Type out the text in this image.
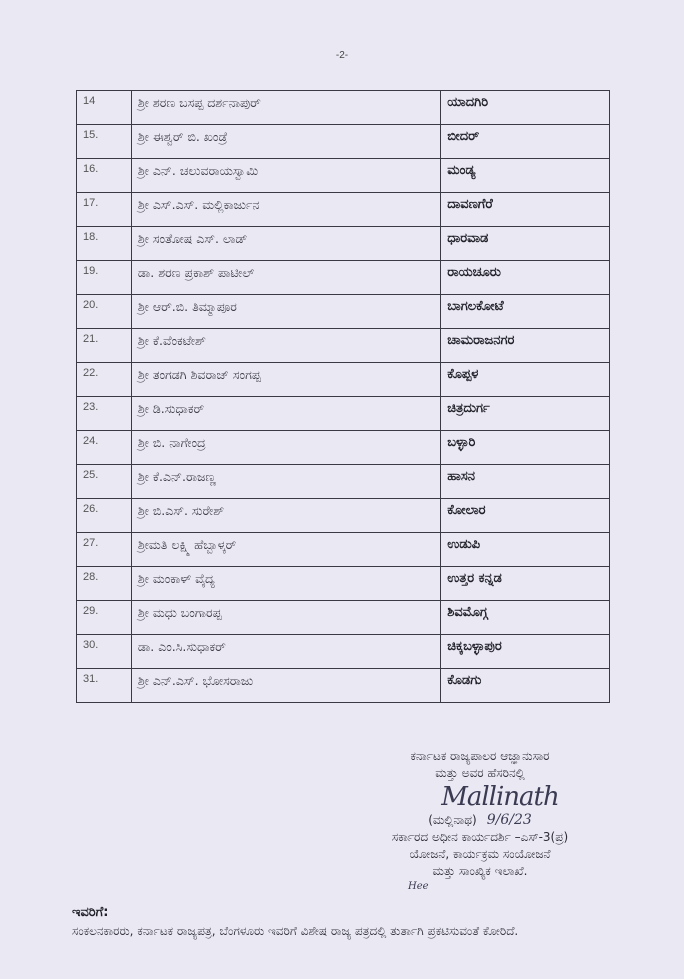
-2-
14	ಶ್ರೀ ಶರಣ ಬಸಪ್ಪ ದರ್ಶನಾಪುರ್	ಯಾದಗಿರಿ
15.	ಶ್ರೀ ಈಶ್ವರ್ ಬಿ. ಖಂಡ್ರೆ	ಬೀದರ್
16.	ಶ್ರೀ ಎನ್. ಚಲುವರಾಯಸ್ವಾಮಿ	ಮಂಡ್ಯ
17.	ಶ್ರೀ ಎಸ್.ಎಸ್. ಮಲ್ಲಿಕಾರ್ಜುನ	ದಾವಣಗೆರೆ
18.	ಶ್ರೀ ಸಂತೋಷ ಎಸ್. ಲಾಡ್	ಧಾರವಾಡ
19.	ಡಾ. ಶರಣ ಪ್ರಕಾಶ್ ಪಾಟೀಲ್	ರಾಯಚೂರು
20.	ಶ್ರೀ ಆರ್.ಬಿ. ತಿಮ್ಮಾಪೂರ	ಬಾಗಲಕೋಟೆ
21.	ಶ್ರೀ ಕೆ.ವೆಂಕಟೇಶ್	ಚಾಮರಾಜನಗರ
22.	ಶ್ರೀ ತಂಗಡಗಿ ಶಿವರಾಜ್ ಸಂಗಪ್ಪ	ಕೊಪ್ಪಳ
23.	ಶ್ರೀ ಡಿ.ಸುಧಾಕರ್	ಚಿತ್ರದುರ್ಗ
24.	ಶ್ರೀ ಬಿ. ನಾಗೇಂದ್ರ	ಬಳ್ಳಾರಿ
25.	ಶ್ರೀ ಕೆ.ಎನ್.ರಾಜಣ್ಣ	ಹಾಸನ
26.	ಶ್ರೀ ಬಿ.ಎಸ್. ಸುರೇಶ್	ಕೋಲಾರ
27.	ಶ್ರೀಮತಿ ಲಕ್ಷ್ಮಿ ಹೆಬ್ಬಾಳ್ಕರ್	ಉಡುಪಿ
28.	ಶ್ರೀ ಮಂಕಾಳ್ ವೈದ್ಯ	ಉತ್ತರ ಕನ್ನಡ
29.	ಶ್ರೀ ಮಧು ಬಂಗಾರಪ್ಪ	ಶಿವಮೊಗ್ಗ
30.	ಡಾ. ಎಂ.ಸಿ.ಸುಧಾಕರ್	ಚಿಕ್ಕಬಳ್ಳಾಪುರ
31.	ಶ್ರೀ ಎನ್.ಎಸ್. ಭೋಸರಾಜು	ಕೊಡಗು
ಕರ್ನಾಟಕ ರಾಜ್ಯಪಾಲರ ಆಜ್ಞಾನುಸಾರ
ಮತ್ತು ಅವರ ಹೆಸರಿನಲ್ಲಿ
Mallinath
(ಮಲ್ಲಿನಾಥ) 9/6/23
ಸರ್ಕಾರದ ಅಧೀನ ಕಾರ್ಯದರ್ಶಿ –ಎಸ್-3(ಪ್ರ)
ಯೋಜನೆ, ಕಾರ್ಯಕ್ರಮ ಸಂಯೋಜನೆ
ಮತ್ತು ಸಾಂಖ್ಯಿಕ ಇಲಾಖೆ.
Hee
ಇವರಿಗೆ:
ಸಂಕಲನಕಾರರು, ಕರ್ನಾಟಕ ರಾಜ್ಯಪತ್ರ, ಬೆಂಗಳೂರು ಇವರಿಗೆ ವಿಶೇಷ ರಾಜ್ಯ ಪತ್ರದಲ್ಲಿ ತುರ್ತಾಗಿ ಪ್ರಕಟಿಸುವಂತೆ ಕೋರಿದೆ.
